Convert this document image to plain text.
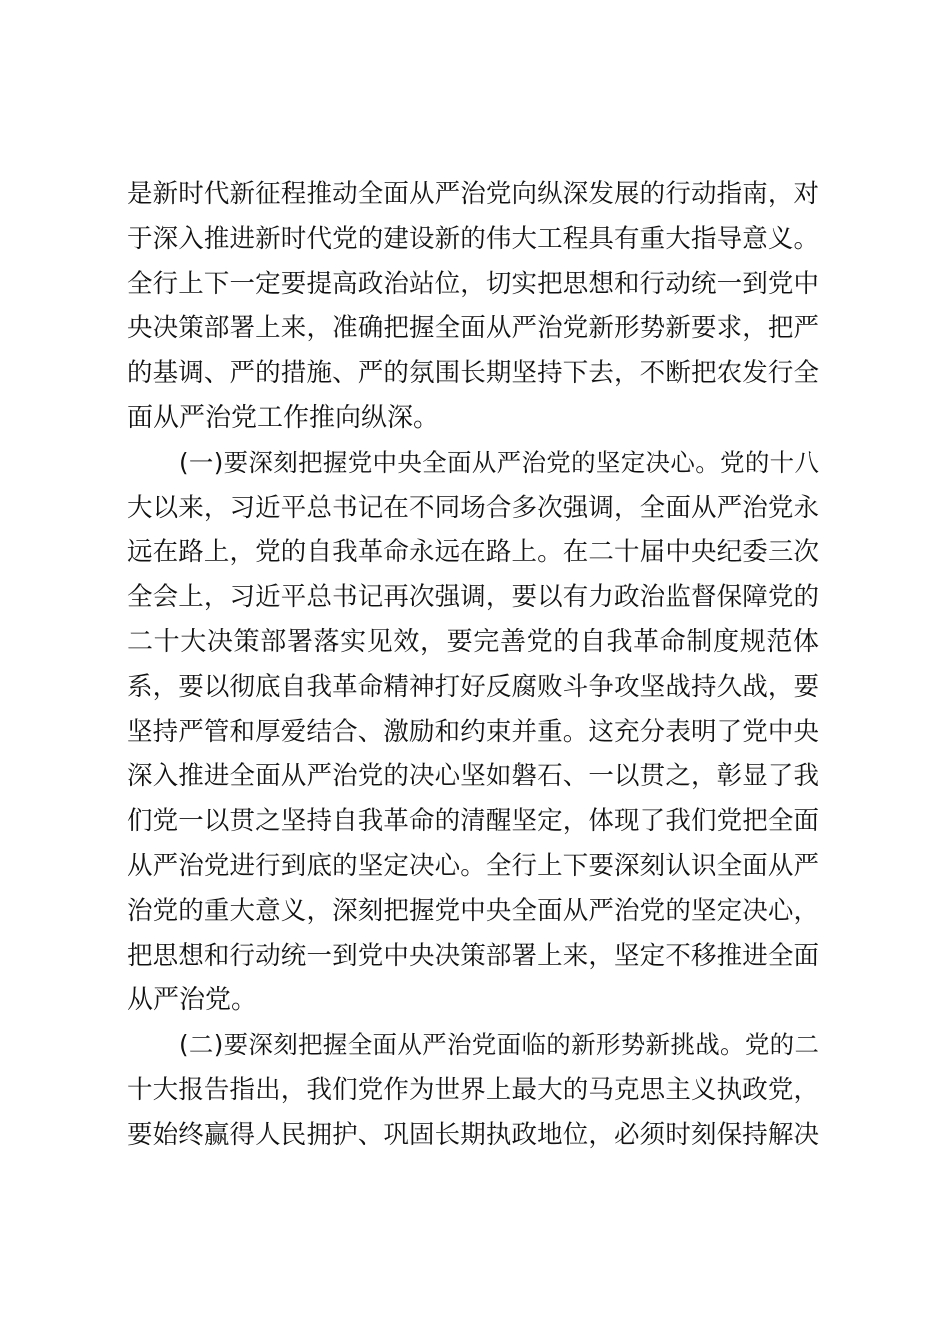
是新时代新征程推动全面从严治党向纵深发展的行动指南，对
于深入推进新时代党的建设新的伟大工程具有重大指导意义。
全行上下一定要提高政治站位，切实把思想和行动统一到党中
央决策部署上来，准确把握全面从严治党新形势新要求，把严
的基调、严的措施、严的氛围长期坚持下去，不断把农发行全
面从严治党工作推向纵深。
(一)要深刻把握党中央全面从严治党的坚定决心。党的十八
大以来，习近平总书记在不同场合多次强调，全面从严治党永
远在路上，党的自我革命永远在路上。在二十届中央纪委三次
全会上，习近平总书记再次强调，要以有力政治监督保障党的
二十大决策部署落实见效，要完善党的自我革命制度规范体
系，要以彻底自我革命精神打好反腐败斗争攻坚战持久战，要
坚持严管和厚爱结合、激励和约束并重。这充分表明了党中央
深入推进全面从严治党的决心坚如磐石、一以贯之，彰显了我
们党一以贯之坚持自我革命的清醒坚定，体现了我们党把全面
从严治党进行到底的坚定决心。全行上下要深刻认识全面从严
治党的重大意义，深刻把握党中央全面从严治党的坚定决心，
把思想和行动统一到党中央决策部署上来，坚定不移推进全面
从严治党。
(二)要深刻把握全面从严治党面临的新形势新挑战。党的二
十大报告指出，我们党作为世界上最大的马克思主义执政党，
要始终赢得人民拥护、巩固长期执政地位，必须时刻保持解决
